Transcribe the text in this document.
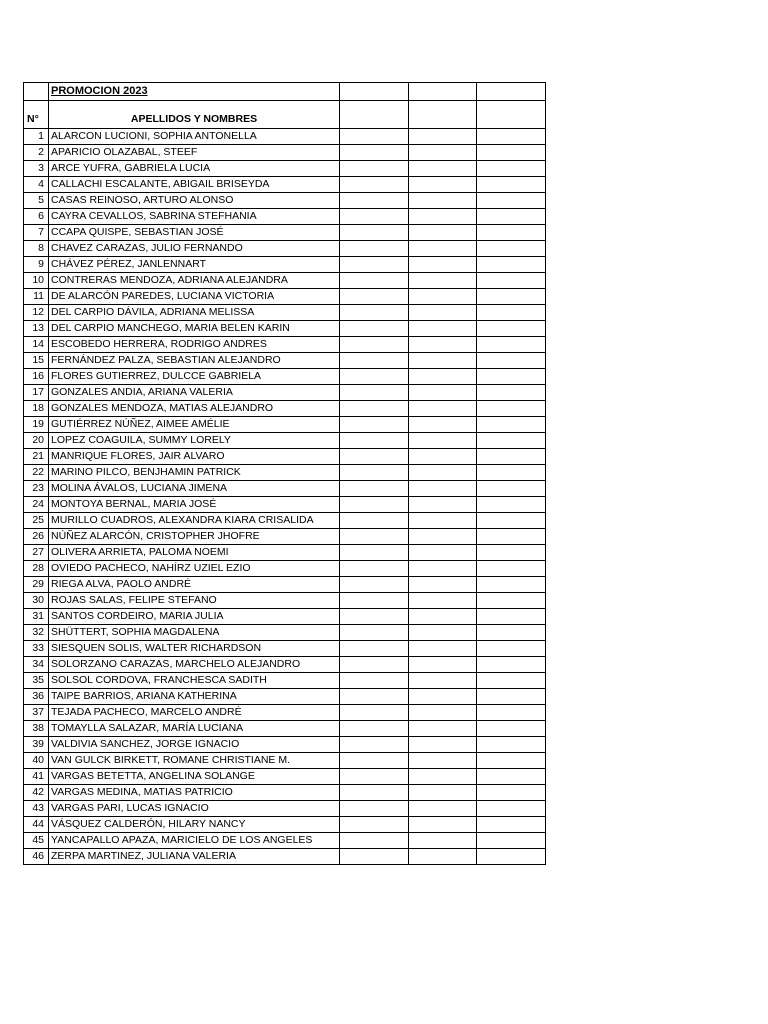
	PROMOCION 2023			
N°	APELLIDOS Y NOMBRES			
1	ALARCON LUCIONI, SOPHIA ANTONELLA			
2	APARICIO OLAZABAL, STEEF			
3	ARCE YUFRA, GABRIELA LUCIA			
4	CALLACHI ESCALANTE, ABIGAIL BRISEYDA			
5	CASAS REINOSO, ARTURO ALONSO			
6	CAYRA CEVALLOS, SABRINA STEFHANIA			
7	CCAPA QUISPE, SEBASTIAN JOSÉ			
8	CHAVEZ CARAZAS, JULIO FERNANDO			
9	CHÁVEZ PÉREZ, JANLENNART			
10	CONTRERAS MENDOZA, ADRIANA ALEJANDRA			
11	DE ALARCÓN PAREDES, LUCIANA VICTORIA			
12	DEL CARPIO DÁVILA, ADRIANA MELISSA			
13	DEL CARPIO MANCHEGO, MARIA BELEN KARIN			
14	ESCOBEDO HERRERA, RODRIGO ANDRES			
15	FERNÁNDEZ PALZA, SEBASTIAN ALEJANDRO			
16	FLORES GUTIERREZ, DULCCE GABRIELA			
17	GONZALES ANDIA, ARIANA VALERIA			
18	GONZALES MENDOZA, MATIAS ALEJANDRO			
19	GUTIÉRREZ NÚÑEZ, AIMEE AMÉLIE			
20	LOPEZ COAGUILA, SUMMY LORELY			
21	MANRIQUE FLORES, JAIR ALVARO			
22	MARINO PILCO, BENJHAMIN PATRICK			
23	MOLINA ÁVALOS, LUCIANA JIMENA			
24	MONTOYA BERNAL, MARIA JOSÉ			
25	MURILLO CUADROS, ALEXANDRA KIARA CRISALIDA			
26	NÚÑEZ ALARCÓN, CRISTOPHER JHOFRE			
27	OLIVERA ARRIETA, PALOMA NOEMI			
28	OVIEDO PACHECO, NAHÍRZ UZIEL EZIO			
29	RIEGA ALVA, PAOLO ANDRÉ			
30	ROJAS SALAS, FELIPE STEFANO			
31	SANTOS CORDEIRO, MARIA JULIA			
32	SHÜTTERT, SOPHIA MAGDALENA			
33	SIESQUEN SOLIS, WALTER RICHARDSON			
34	SOLORZANO CARAZAS, MARCHELO ALEJANDRO			
35	SOLSOL CORDOVA, FRANCHESCA SADITH			
36	TAIPE BARRIOS, ARIANA KATHERINA			
37	TEJADA PACHECO, MARCELO ANDRÉ			
38	TOMAYLLA SALAZAR, MARÍA LUCIANA			
39	VALDIVIA SANCHEZ, JORGE IGNACIO			
40	VAN GULCK BIRKETT, ROMANE CHRISTIANE M.			
41	VARGAS BETETTA, ANGELINA SOLANGE			
42	VARGAS MEDINA, MATIAS PATRICIO			
43	VARGAS PARI, LUCAS IGNACIO			
44	VÁSQUEZ CALDERÓN, HILARY NANCY			
45	YANCAPALLO APAZA, MARICIELO DE LOS ANGELES			
46	ZERPA MARTINEZ, JULIANA VALERIA			
